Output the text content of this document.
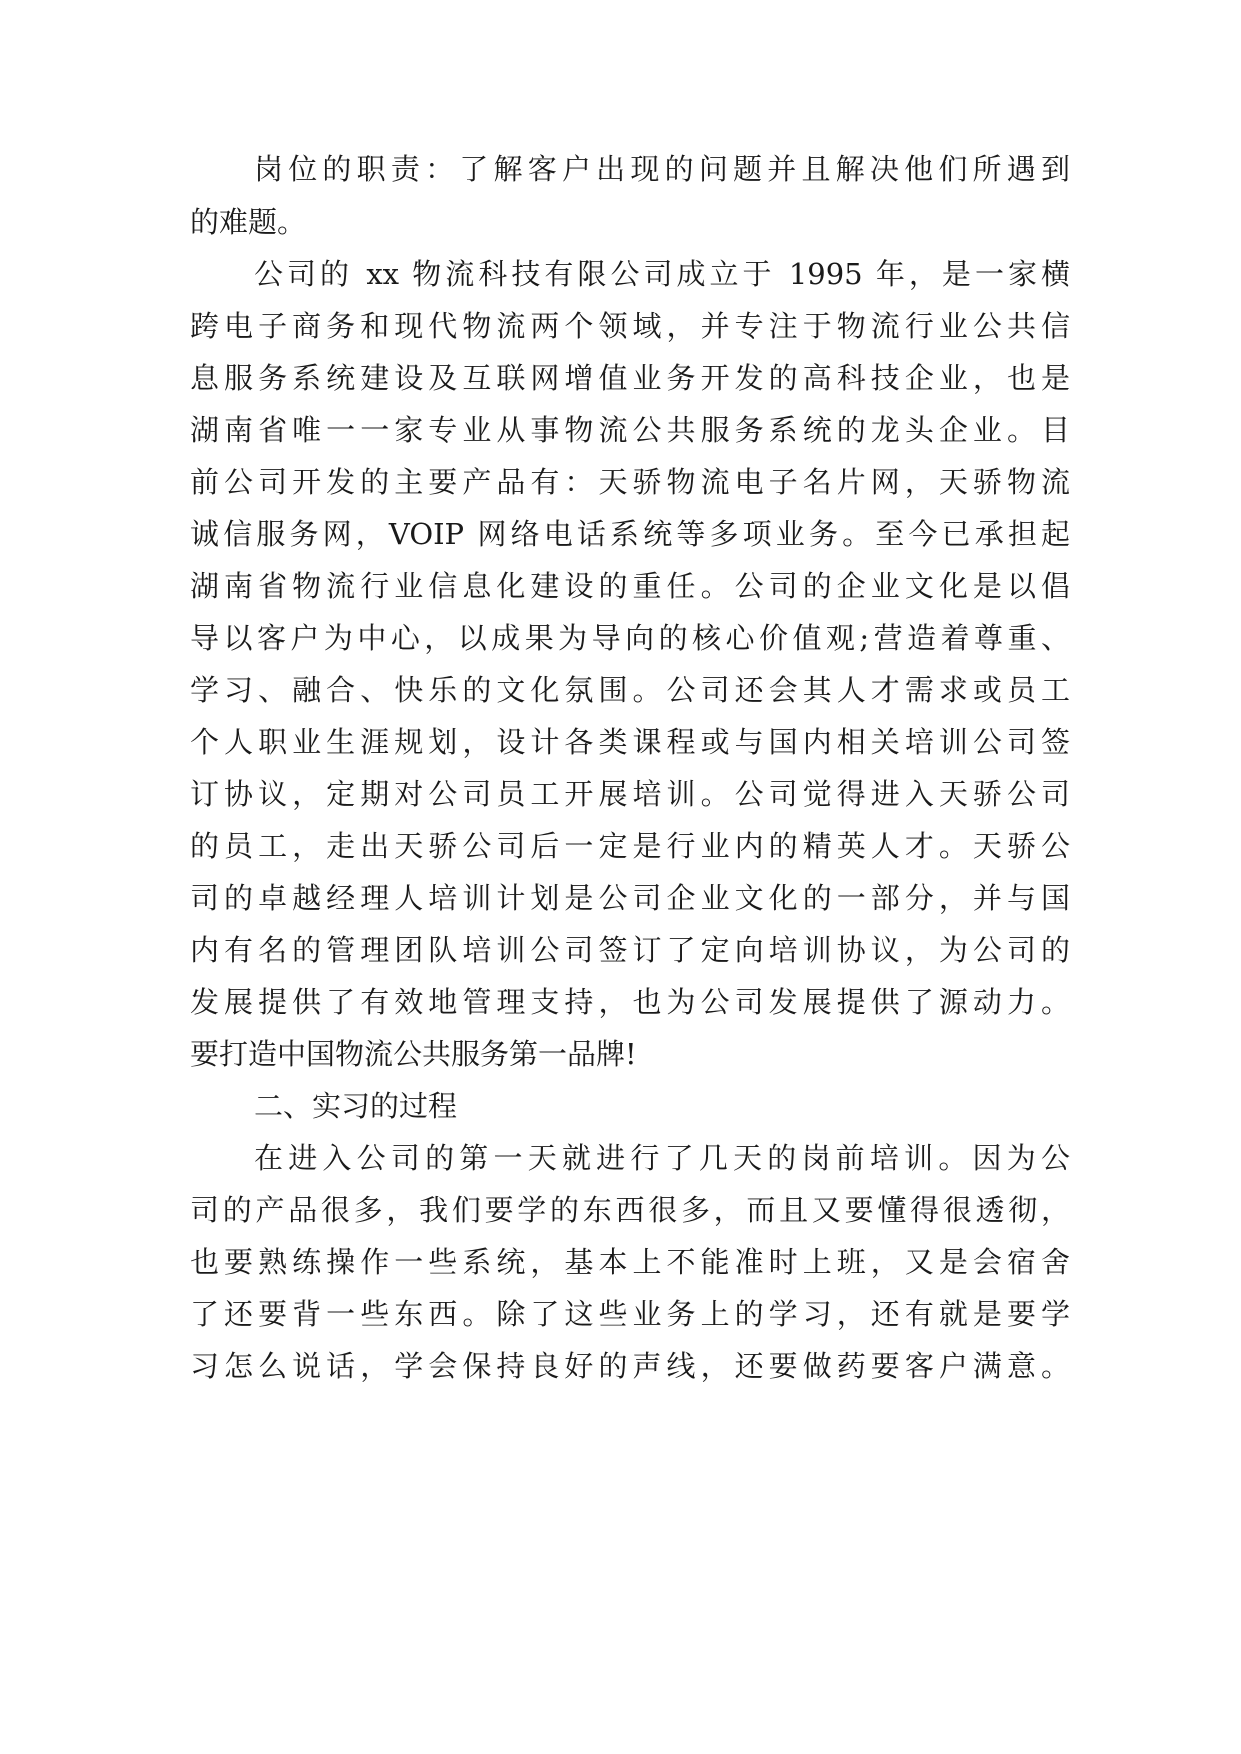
岗位的职责：了解客户出现的问题并且解决他们所遇到
的难题。
公司的 xx 物流科技有限公司成立于 1995 年，是一家横
跨电子商务和现代物流两个领域，并专注于物流行业公共信
息服务系统建设及互联网增值业务开发的高科技企业，也是
湖南省唯一一家专业从事物流公共服务系统的龙头企业。目
前公司开发的主要产品有：天骄物流电子名片网，天骄物流
诚信服务网，VOIP 网络电话系统等多项业务。至今已承担起
湖南省物流行业信息化建设的重任。公司的企业文化是以倡
导以客户为中心，以成果为导向的核心价值观;营造着尊重、
学习、融合、快乐的文化氛围。公司还会其人才需求或员工
个人职业生涯规划，设计各类课程或与国内相关培训公司签
订协议，定期对公司员工开展培训。公司觉得进入天骄公司
的员工，走出天骄公司后一定是行业内的精英人才。天骄公
司的卓越经理人培训计划是公司企业文化的一部分，并与国
内有名的管理团队培训公司签订了定向培训协议，为公司的
发展提供了有效地管理支持，也为公司发展提供了源动力。
要打造中国物流公共服务第一品牌!
二、实习的过程
在进入公司的第一天就进行了几天的岗前培训。因为公
司的产品很多，我们要学的东西很多，而且又要懂得很透彻，
也要熟练操作一些系统，基本上不能准时上班，又是会宿舍
了还要背一些东西。除了这些业务上的学习，还有就是要学
习怎么说话，学会保持良好的声线，还要做药要客户满意。
